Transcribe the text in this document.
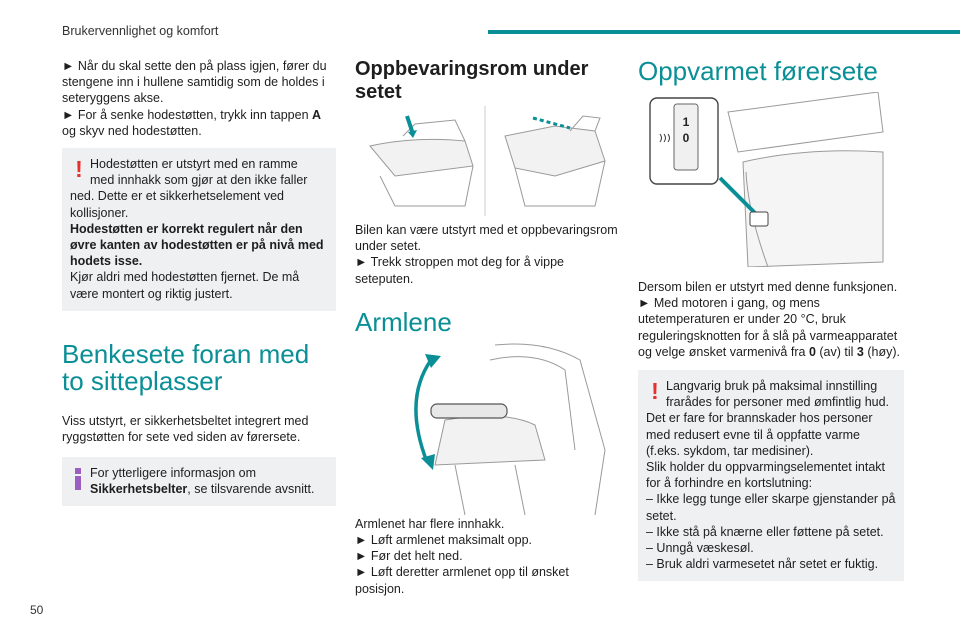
Brukervennlighet og komfort
50

► Når du skal sette den på plass igjen, fører du
stengene inn i hullene samtidig som de holdes i
seteryggens akse.
► For å senke hodestøtten, trykk inn tappen A
og skyv ned hodestøtten.

! Hodestøtten er utstyrt med en ramme
med innhakk som gjør at den ikke faller
ned. Dette er et sikkerhetselement ved kollisjoner.
Hodestøtten er korrekt regulert når den øvre kanten av hodestøtten er på nivå med hodets isse.
Kjør aldri med hodestøtten fjernet. De må være montert og riktig justert.
Benkesete foran med to sitteplasser

Viss utstyrt, er sikkerhetsbeltet integrert med ryggstøtten for sete ved siden av førersete.

For ytterligere informasjon om
Sikkerhetsbelter, se tilsvarende avsnitt.
Oppbevaringsrom under setet

Bilen kan være utstyrt med et oppbevaringsrom under setet.

► Trekk stroppen mot deg for å vippe seteputen.

Armlene

Armlenet har flere innhakk.

► Løft armlenet maksimalt opp.
► Før det helt ned.
► Løft deretter armlenet opp til ønsket posisjon.

Oppvarmet førersete
1
0

Dersom bilen er utstyrt med denne funksjonen.

► Med motoren i gang, og mens utetemperaturen er under 20 °C, bruk reguleringsknotten for å slå på varmeapparatet og velge ønsket varmenivå fra 0 (av) til 3 (høy).

! Langvarig bruk på maksimal innstilling
frarådes for personer med ømfintlig hud.
Det er fare for brannskader hos personer med redusert evne til å oppfatte varme (f.eks. sykdom, tar medisiner).
Slik holder du oppvarmingselementet intakt for å forhindre en kortslutning:
– Ikke legg tunge eller skarpe gjenstander på setet.
– Ikke stå på knærne eller føttene på setet.
– Unngå væskesøl.
– Bruk aldri varmesetet når setet er fuktig.
